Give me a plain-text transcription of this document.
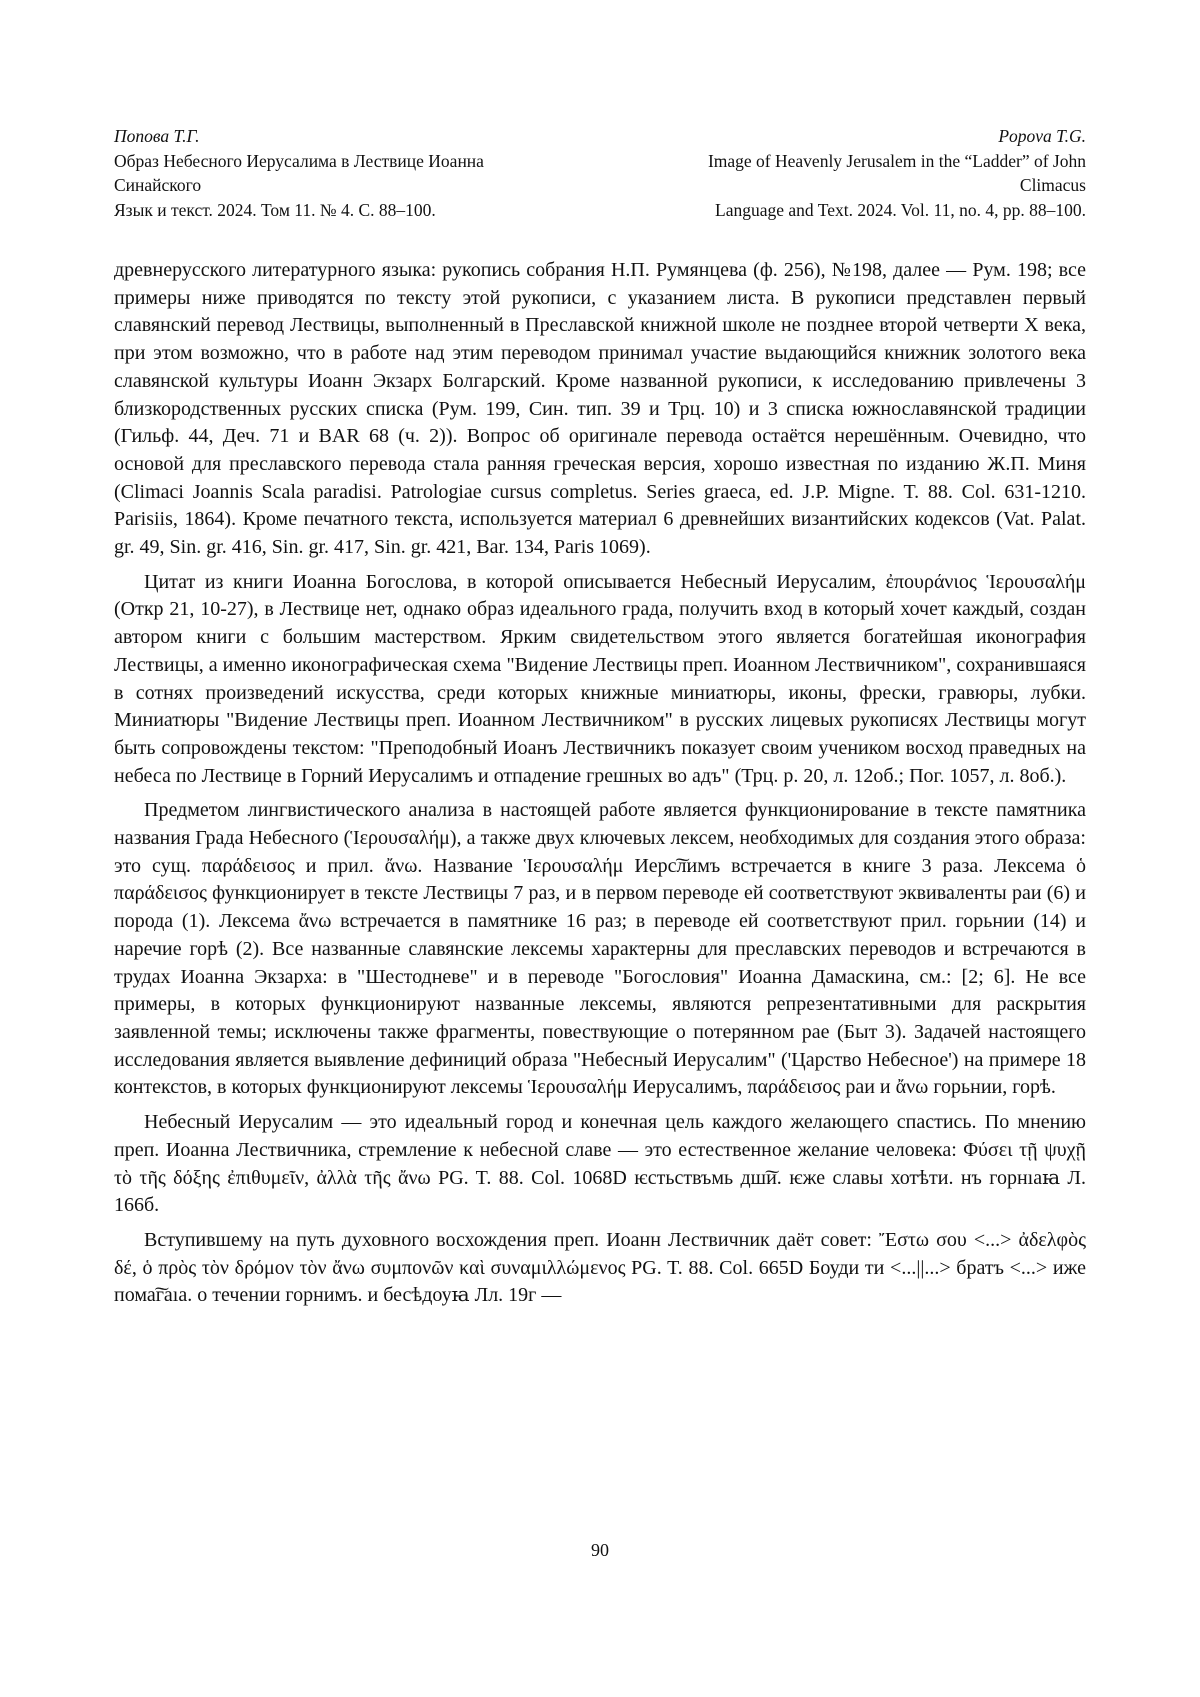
Попова Т.Г.
Образ Небесного Иерусалима в Лествице Иоанна
Синайского
Язык и текст. 2024. Том 11. № 4. С. 88–100.
Popova T.G.
Image of Heavenly Jerusalem in the “Ladder” of John
Climacus
Language and Text. 2024. Vol. 11, no. 4, pp. 88–100.

древнерусского литературного языка: рукопись собрания Н.П. Румянцева (ф. 256), №198, далее — Рум. 198; все примеры ниже приводятся по тексту этой рукописи, с указанием листа. В рукописи представлен первый славянский перевод Лествицы, выполненный в Преславской книжной школе не позднее второй четверти X века, при этом возможно, что в работе над этим переводом принимал участие выдающийся книжник золотого века славянской культуры Иоанн Экзарх Болгарский. Кроме названной рукописи, к исследованию привлечены 3 близкородственных русских списка (Рум. 199, Син. тип. 39 и Трц. 10) и 3 списка южнославянской традиции (Гильф. 44, Деч. 71 и BAR 68 (ч. 2)). Вопрос об оригинале перевода остаётся нерешённым. Очевидно, что основой для преславского перевода стала ранняя греческая версия, хорошо известная по изданию Ж.П. Миня (Climaci Joannis Scala paradisi. Patrologiae cursus completus. Series graeca, ed. J.P. Migne. T. 88. Col. 631-1210. Parisiis, 1864). Кроме печатного текста, используется материал 6 древнейших византийских кодексов (Vat. Palat. gr. 49, Sin. gr. 416, Sin. gr. 417, Sin. gr. 421, Bar. 134, Paris 1069).

Цитат из книги Иоанна Богослова, в которой описывается Небесный Иерусалим, ἐπουράνιος Ἱερουσαλήμ (Откр 21, 10-27), в Лествице нет, однако образ идеального града, получить вход в который хочет каждый, создан автором книги с большим мастерством. Ярким свидетельством этого является богатейшая иконография Лествицы, а именно иконографическая схема "Видение Лествицы преп. Иоанном Лествичником", сохранившаяся в сотнях произведений искусства, среди которых книжные миниатюры, иконы, фрески, гравюры, лубки. Миниатюры "Видение Лествицы преп. Иоанном Лествичником" в русских лицевых рукописях Лествицы могут быть сопровождены текстом: "Преподобный Иоанъ Лествичникъ показует своим учеником восход праведных на небеса по Лествице в Горний Иерусалимъ и отпадение грешных во адъ" (Трц. р. 20, л. 12об.; Пог. 1057, л. 8об.).

Предметом лингвистического анализа в настоящей работе является функционирование в тексте памятника названия Града Небесного (Ἱερουσαλήμ), а также двух ключевых лексем, необходимых для создания этого образа: это сущ. παράδεισος и прил. ἄνω. Название Ἱερουσαλήμ Иерс͠лимъ встречается в книге 3 раза. Лексема ὁ παράδεισος функционирует в тексте Лествицы 7 раз, и в первом переводе ей соответствуют эквиваленты раи (6) и порода (1). Лексема ἄνω встречается в памятнике 16 раз; в переводе ей соответствуют прил. горьнии (14) и наречие горѣ (2). Все названные славянские лексемы характерны для преславских переводов и встречаются в трудах Иоанна Экзарха: в "Шестодневе" и в переводе "Богословия" Иоанна Дамаскина, см.: [2; 6]. Не все примеры, в которых функционируют названные лексемы, являются репрезентативными для раскрытия заявленной темы; исключены также фрагменты, повествующие о потерянном рае (Быт 3). Задачей настоящего исследования является выявление дефиниций образа "Небесный Иерусалим" ('Царство Небесное') на примере 18 контекстов, в которых функционируют лексемы Ἱερουσαλήμ Иерусалимъ, παράδεισος раи и ἄνω горьнии, горѣ.

Небесный Иерусалим — это идеальный город и конечная цель каждого желающего спастись. По мнению преп. Иоанна Лествичника, стремление к небесной славе — это естественное желание человека: Φύσει τῇ ψυχῇ τὸ τῆς δόξης ἐπιθυμεῖν, ἀλλὰ τῆς ἄνω PG. T. 88. Col. 1068D ѥстьствъмь дш͠и. ѥже славы хотѣти. нъ горнıаꙗ Л. 166б.

Вступившему на путь духовного восхождения преп. Иоанн Лествичник даёт совет: Ἔστω σου <...> ἀδελφὸς δέ, ὁ πρὸς τὸν δρόμον τὸν ἄνω συμπονῶν καὶ συναμιλλώμενος PG. T. 88. Col. 665D Боуди ти <...||...> братъ <...> иже пома͠гаıа. о течении горнимъ. и бесѣдоуꙗ Лл. 19г —

90
